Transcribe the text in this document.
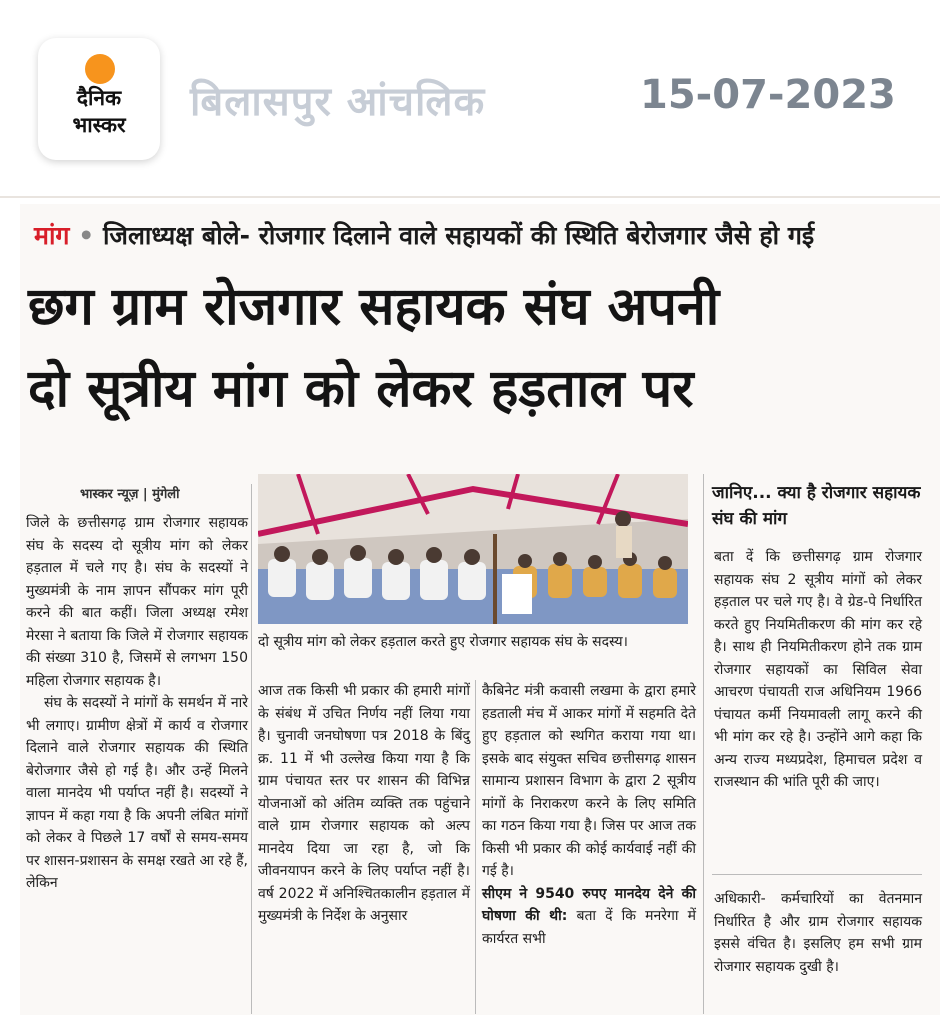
दैनिक
भास्कर	बिलासपुर आंचलिक	15-07-2023
मांग • जिलाध्यक्ष बोले- रोजगार दिलाने वाले सहायकों की स्थिति बेरोजगार जैसे हो गई
छग ग्राम रोजगार सहायक संघ अपनी
दो सूत्रीय मांग को लेकर हड़ताल पर
भास्कर न्यूज़ | मुंगेली
दो सूत्रीय मांग को लेकर हड़ताल करते हुए रोजगार सहायक संघ के सदस्य।

जिले के छत्तीसगढ़ ग्राम रोजगार सहायक संघ के सदस्य दो सूत्रीय मांग को लेकर हड़ताल में चले गए है। संघ के सदस्यों ने मुख्यमंत्री के नाम ज्ञापन सौंपकर मांग पूरी करने की बात कहीं। जिला अध्यक्ष रमेश मेरसा ने बताया कि जिले में रोजगार सहायक की संख्या 310 है, जिसमें से लगभग 150 महिला रोजगार सहायक है।

संघ के सदस्यों ने मांगों के समर्थन में नारे भी लगाए। ग्रामीण क्षेत्रों में कार्य व रोजगार दिलाने वाले रोजगार सहायक की स्थिति बेरोजगार जैसे हो गई है। और उन्हें मिलने वाला मानदेय भी पर्याप्त नहीं है। सदस्यों ने ज्ञापन में कहा गया है कि अपनी लंबित मांगों को लेकर वे पिछले 17 वर्षों से समय-समय पर शासन-प्रशासन के समक्ष रखते आ रहे हैं, लेकिन

आज तक किसी भी प्रकार की हमारी मांगों के संबंध में उचित निर्णय नहीं लिया गया है। चुनावी जनघोषणा पत्र 2018 के बिंदु क्र. 11 में भी उल्लेख किया गया है कि ग्राम पंचायत स्तर पर शासन की विभिन्न योजनाओं को अंतिम व्यक्ति तक पहुंचाने वाले ग्राम रोजगार सहायक को अल्प मानदेय दिया जा रहा है, जो कि जीवनयापन करने के लिए पर्याप्त नहीं है। वर्ष 2022 में अनिश्चितकालीन हड़ताल में मुख्यमंत्री के निर्देश के अनुसार

कैबिनेट मंत्री कवासी लखमा के द्वारा हमारे हडताली मंच में आकर मांगों में सहमति देते हुए हड़ताल को स्थगित कराया गया था। इसके बाद संयुक्त सचिव छत्तीसगढ़ शासन सामान्य प्रशासन विभाग के द्वारा 2 सूत्रीय मांगों के निराकरण करने के लिए समिति का गठन किया गया है। जिस पर आज तक किसी भी प्रकार की कोई कार्यवाई नहीं की गई है।

सीएम ने 9540 रुपए मानदेय देने की घोषणा की थी: बता दें कि मनरेगा में कार्यरत सभी

जानिए... क्या है रोजगार सहायक संघ की मांग

बता दें कि छत्तीसगढ़ ग्राम रोजगार सहायक संघ 2 सूत्रीय मांगों को लेकर हड़ताल पर चले गए है। वे ग्रेड-पे निर्धारित करते हुए नियमितीकरण की मांग कर रहे है। साथ ही नियमितीकरण होने तक ग्राम रोजगार सहायकों का सिविल सेवा आचरण पंचायती राज अधिनियम 1966 पंचायत कर्मी नियमावली लागू करने की भी मांग कर रहे है। उन्होंने आगे कहा कि अन्य राज्य मध्यप्रदेश, हिमाचल प्रदेश व राजस्थान की भांति पूरी की जाए।

अधिकारी- कर्मचारियों का वेतनमान निर्धारित है और ग्राम रोजगार सहायक इससे वंचित है। इसलिए हम सभी ग्राम रोजगार सहायक दुखी है।
